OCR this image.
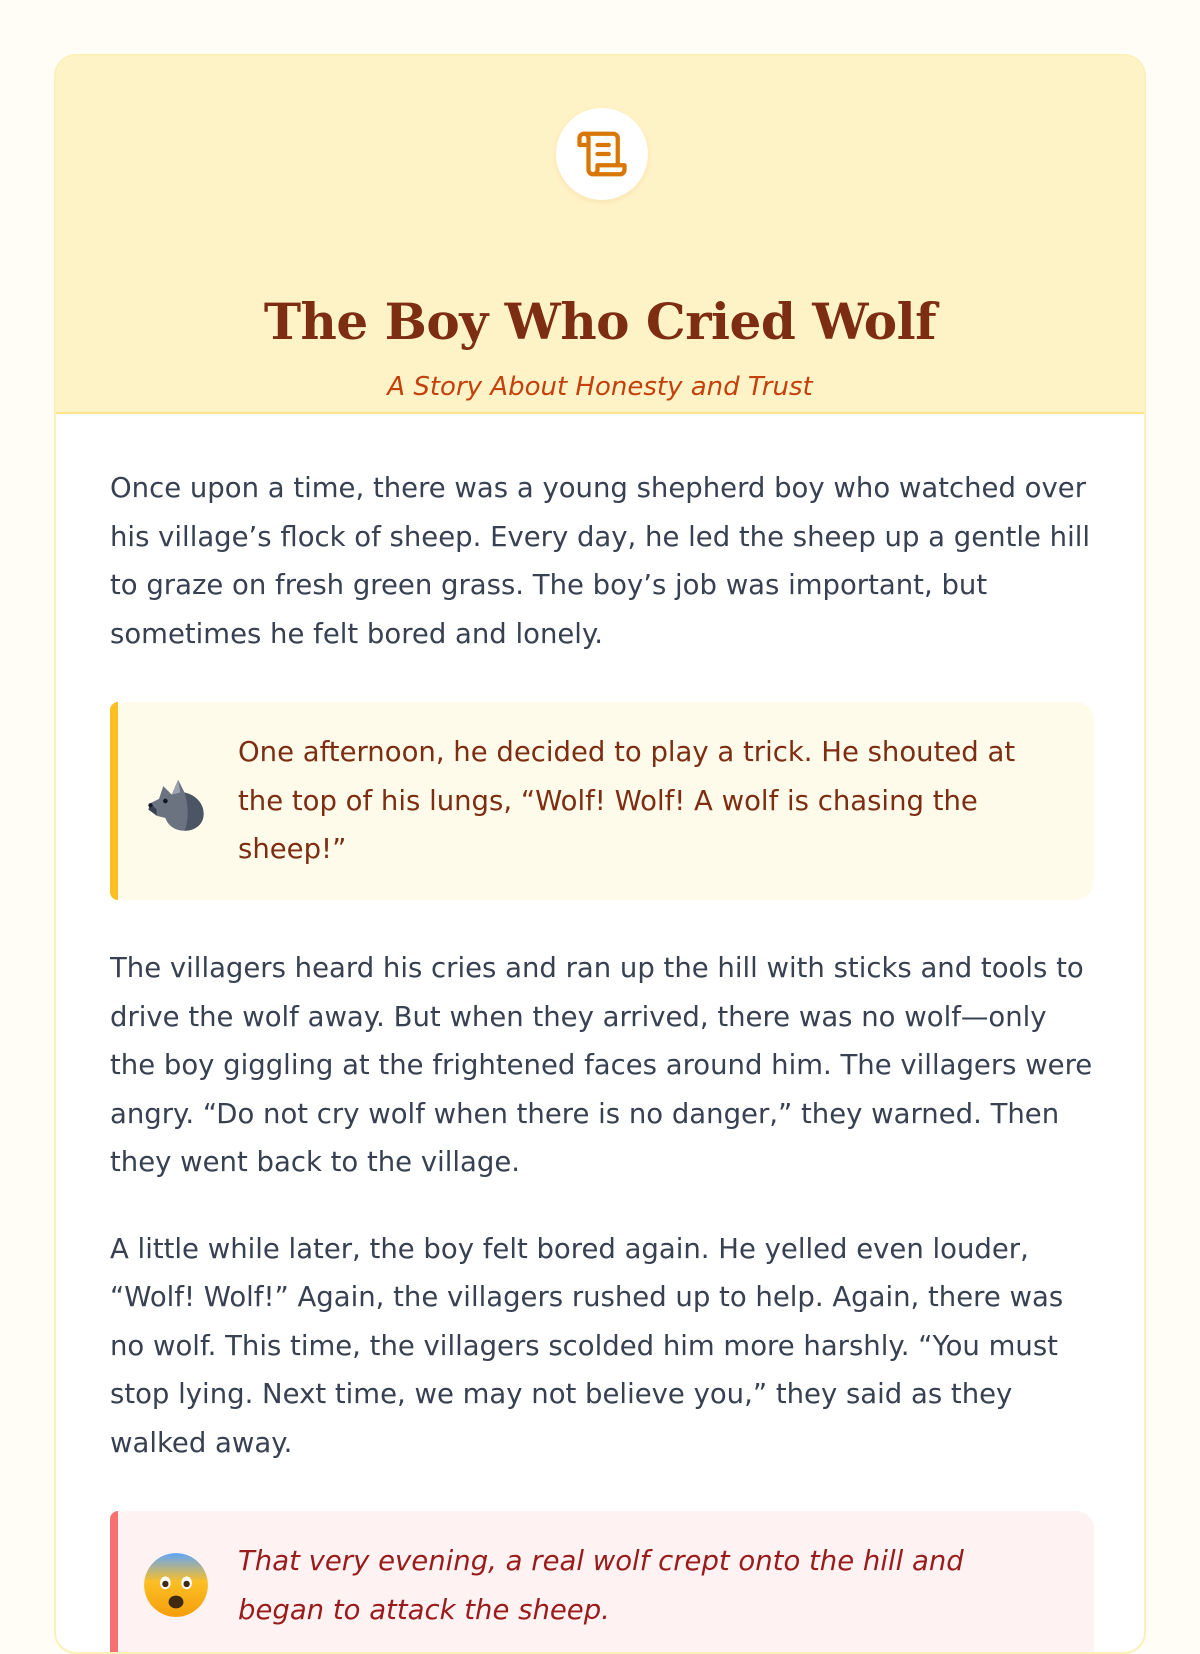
The Boy Who Cried Wolf

A Story About Honesty and Trust

Once upon a time, there was a young shepherd boy who watched over his village’s flock of sheep. Every day, he led the sheep up a gentle hill to graze on fresh green grass. The boy’s job was important, but sometimes he felt bored and lonely.

One afternoon, he decided to play a trick. He shouted at the top of his lungs, “Wolf! Wolf! A wolf is chasing the sheep!”

The villagers heard his cries and ran up the hill with sticks and tools to drive the wolf away. But when they arrived, there was no wolf—only the boy giggling at the frightened faces around him. The villagers were angry. “Do not cry wolf when there is no danger,” they warned. Then they went back to the village.

A little while later, the boy felt bored again. He yelled even louder, “Wolf! Wolf!” Again, the villagers rushed up to help. Again, there was no wolf. This time, the villagers scolded him more harshly. “You must stop lying. Next time, we may not believe you,” they said as they walked away.

That very evening, a real wolf crept onto the hill and began to attack the sheep.
